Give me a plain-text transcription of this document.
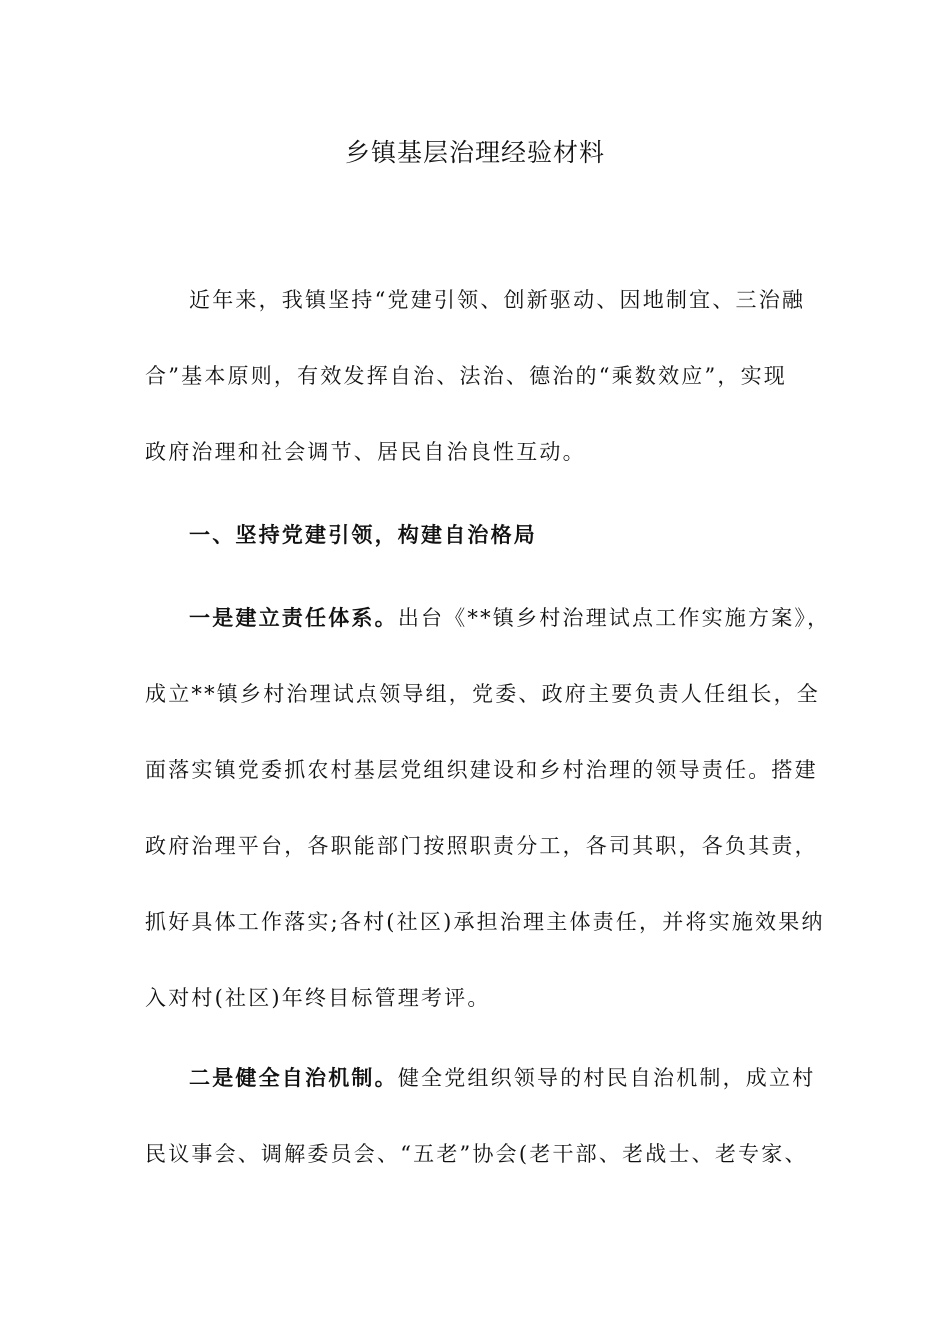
乡镇基层治理经验材料
近年来，我镇坚持“党建引领、创新驱动、因地制宜、三治融
合”基本原则，有效发挥自治、法治、德治的“乘数效应”，实现
政府治理和社会调节、居民自治良性互动。
一、坚持党建引领，构建自治格局
一是建立责任体系。出台《**镇乡村治理试点工作实施方案》，
成立**镇乡村治理试点领导组，党委、政府主要负责人任组长，全
面落实镇党委抓农村基层党组织建设和乡村治理的领导责任。搭建
政府治理平台，各职能部门按照职责分工，各司其职，各负其责，
抓好具体工作落实;各村(社区)承担治理主体责任，并将实施效果纳
入对村(社区)年终目标管理考评。
二是健全自治机制。健全党组织领导的村民自治机制，成立村
民议事会、调解委员会、“五老”协会(老干部、老战士、老专家、
